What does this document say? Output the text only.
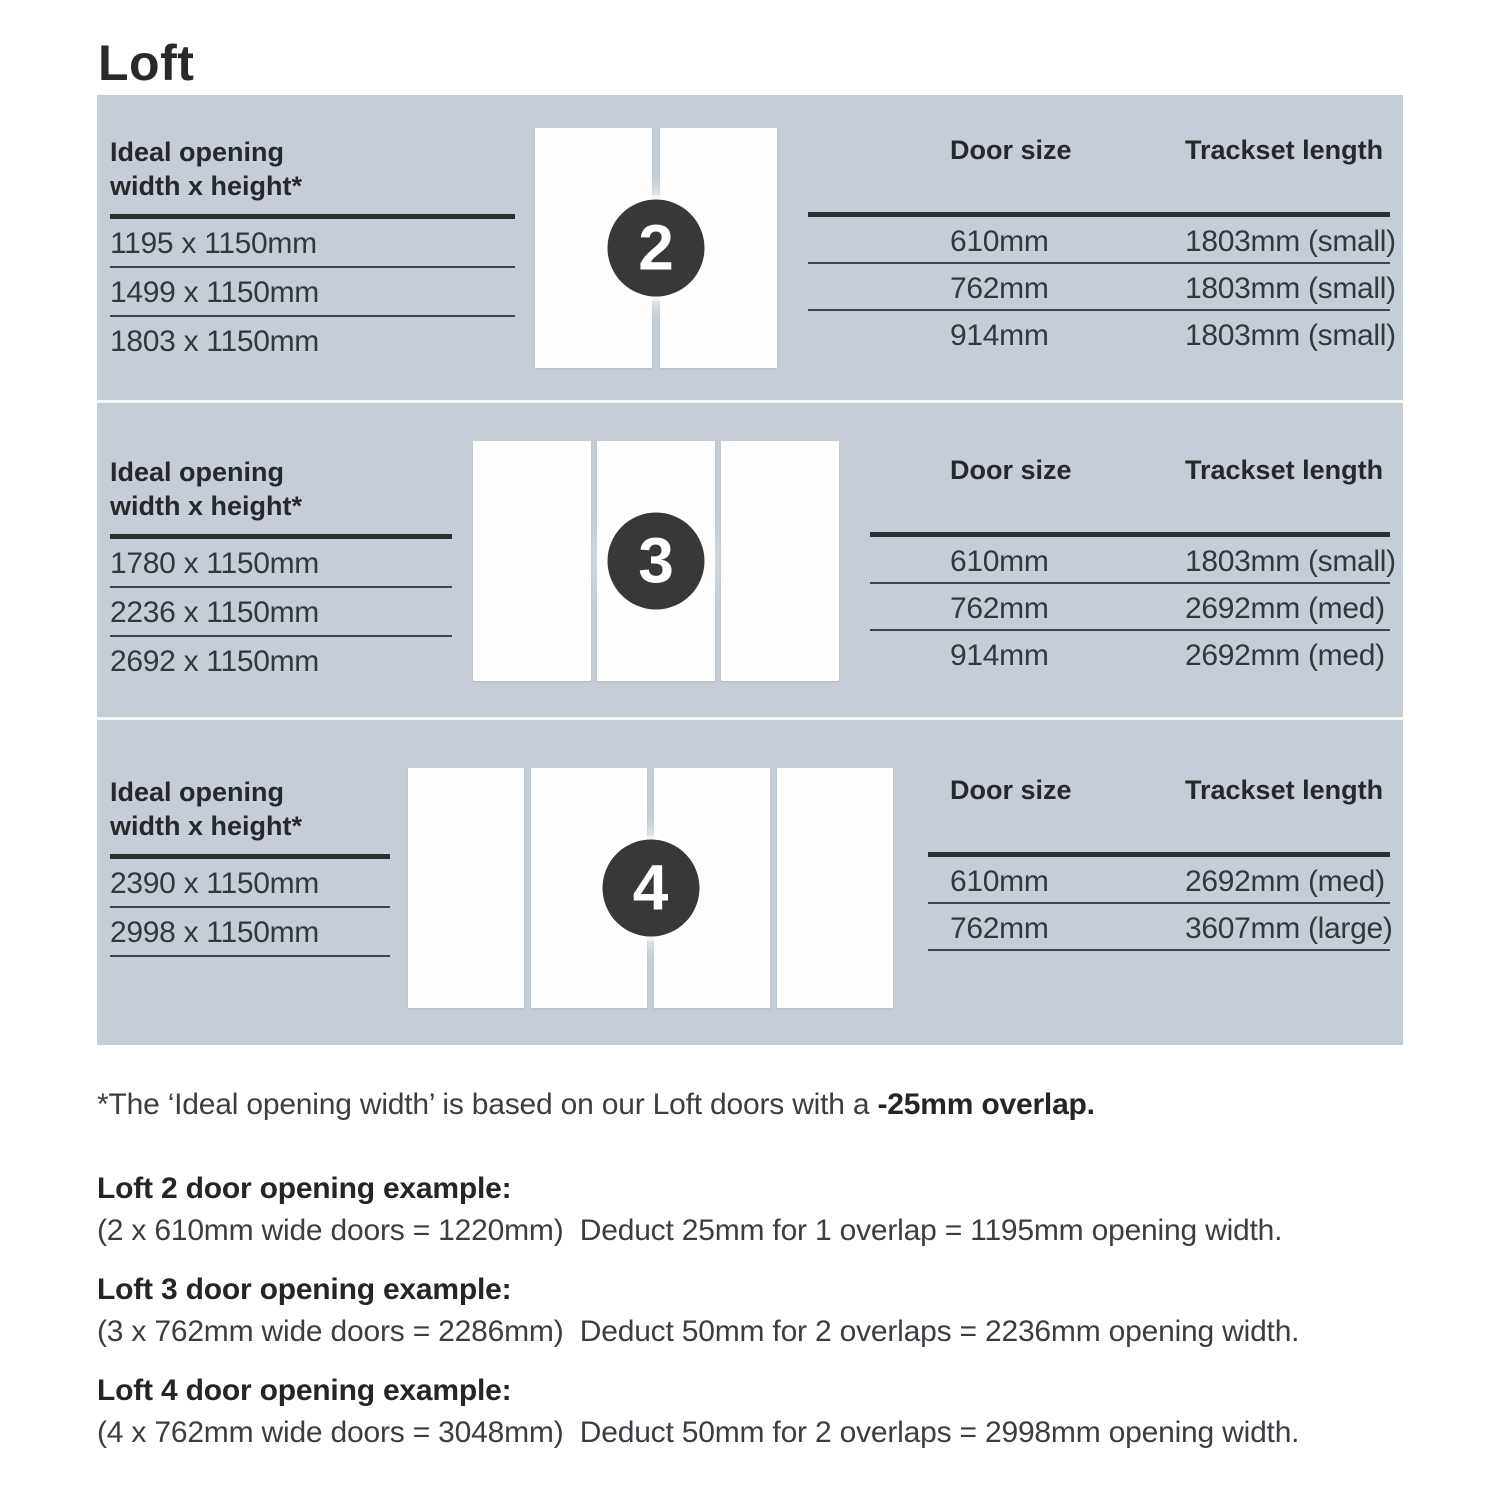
Loft
Ideal opening
width x height*
1195 x 1150mm
1499 x 1150mm
1803 x 1150mm
2
Door size	Trackset length
610mm	1803mm (small)
762mm	1803mm (small)
914mm	1803mm (small)
Ideal opening
width x height*
1780 x 1150mm
2236 x 1150mm
2692 x 1150mm
3
Door size	Trackset length
610mm	1803mm (small)
762mm	2692mm (med)
914mm	2692mm (med)
Ideal opening
width x height*
2390 x 1150mm
2998 x 1150mm
4
Door size	Trackset length
610mm	2692mm (med)
762mm	3607mm (large)
*The ‘Ideal opening width’ is based on our Loft doors with a -25mm overlap.
Loft 2 door opening example:
(2 x 610mm wide doors = 1220mm)  Deduct 25mm for 1 overlap = 1195mm opening width.
Loft 3 door opening example:
(3 x 762mm wide doors = 2286mm)  Deduct 50mm for 2 overlaps = 2236mm opening width.
Loft 4 door opening example:
(4 x 762mm wide doors = 3048mm)  Deduct 50mm for 2 overlaps = 2998mm opening width.
